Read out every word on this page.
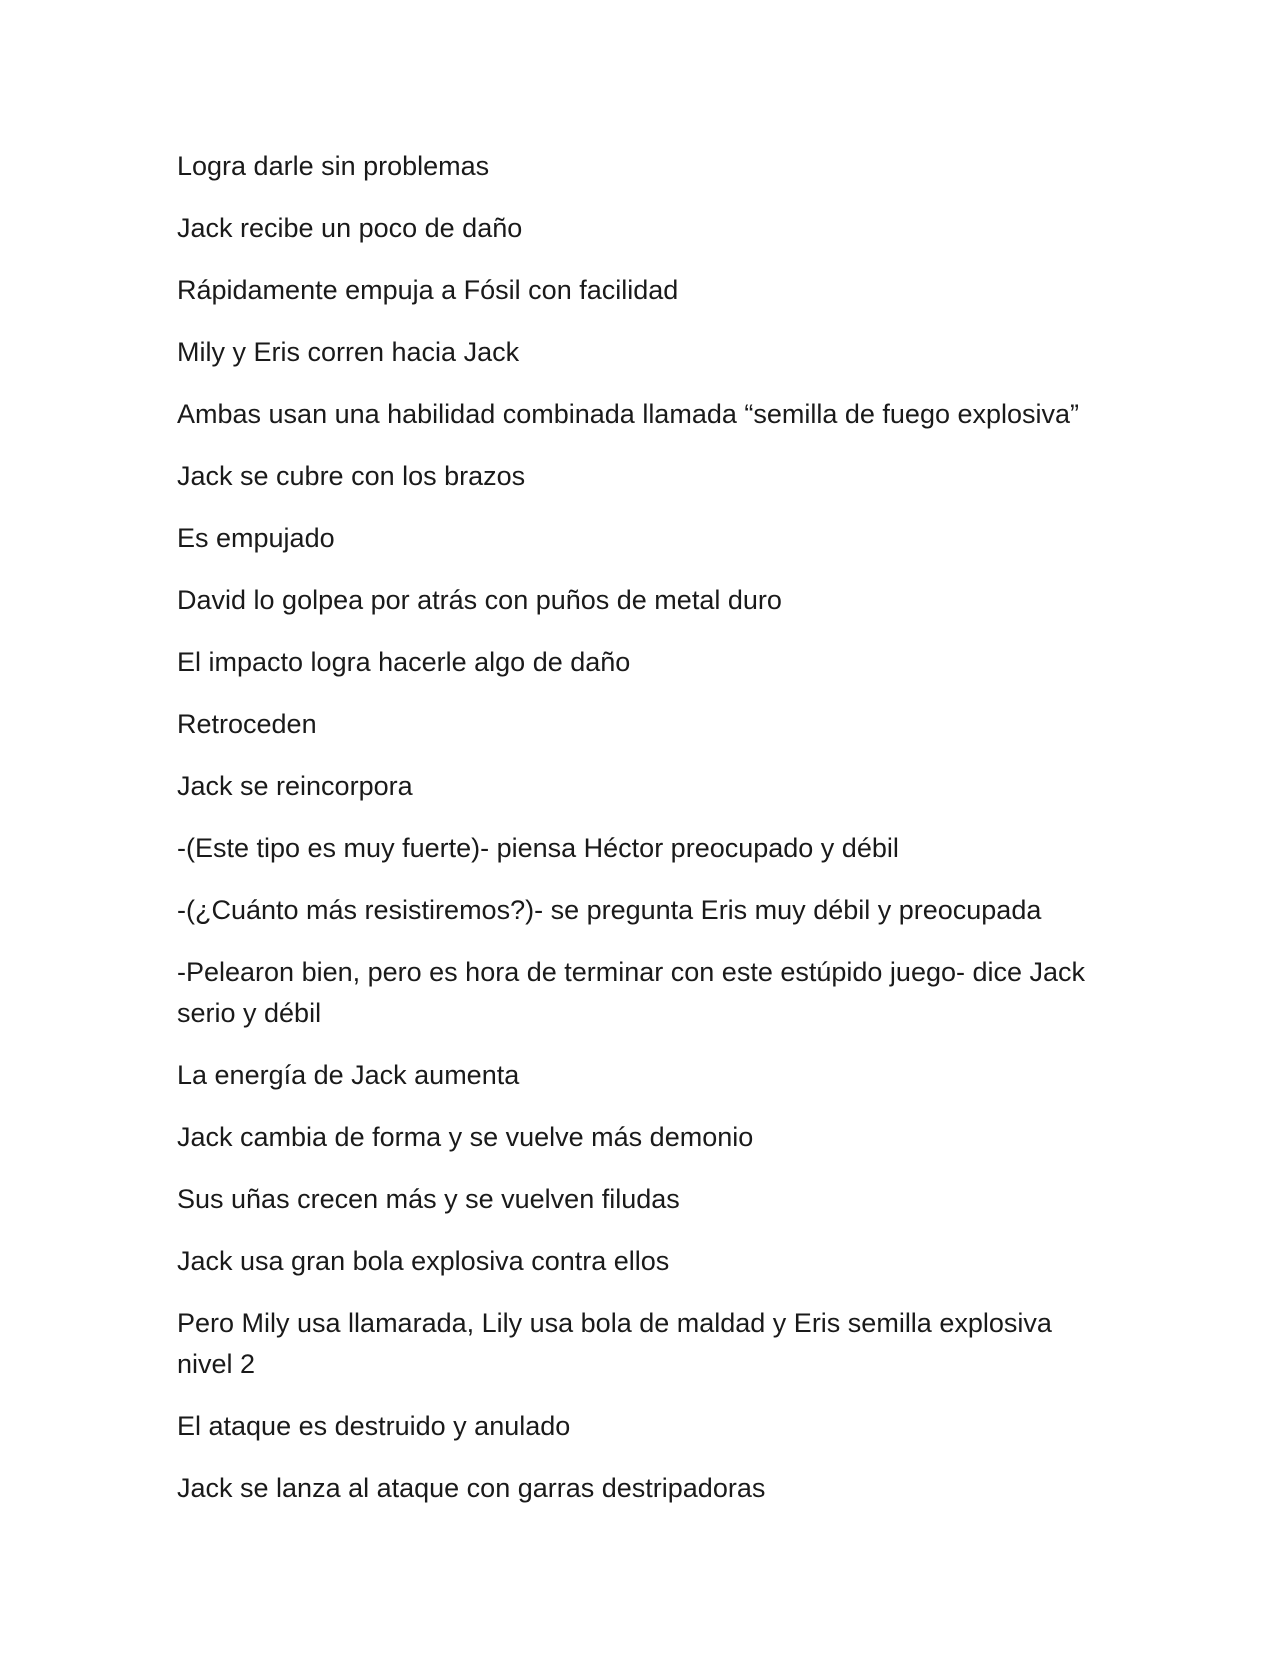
Logra darle sin problemas

Jack recibe un poco de daño

Rápidamente empuja a Fósil con facilidad

Mily y Eris corren hacia Jack

Ambas usan una habilidad combinada llamada “semilla de fuego explosiva”

Jack se cubre con los brazos

Es empujado

David lo golpea por atrás con puños de metal duro

El impacto logra hacerle algo de daño

Retroceden

Jack se reincorpora

-(Este tipo es muy fuerte)- piensa Héctor preocupado y débil

-(¿Cuánto más resistiremos?)- se pregunta Eris muy débil y preocupada

-Pelearon bien, pero es hora de terminar con este estúpido juego- dice Jack serio y débil

La energía de Jack aumenta

Jack cambia de forma y se vuelve más demonio

Sus uñas crecen más y se vuelven filudas

Jack usa gran bola explosiva contra ellos

Pero Mily usa llamarada, Lily usa bola de maldad y Eris semilla explosiva nivel 2

El ataque es destruido y anulado

Jack se lanza al ataque con garras destripadoras
